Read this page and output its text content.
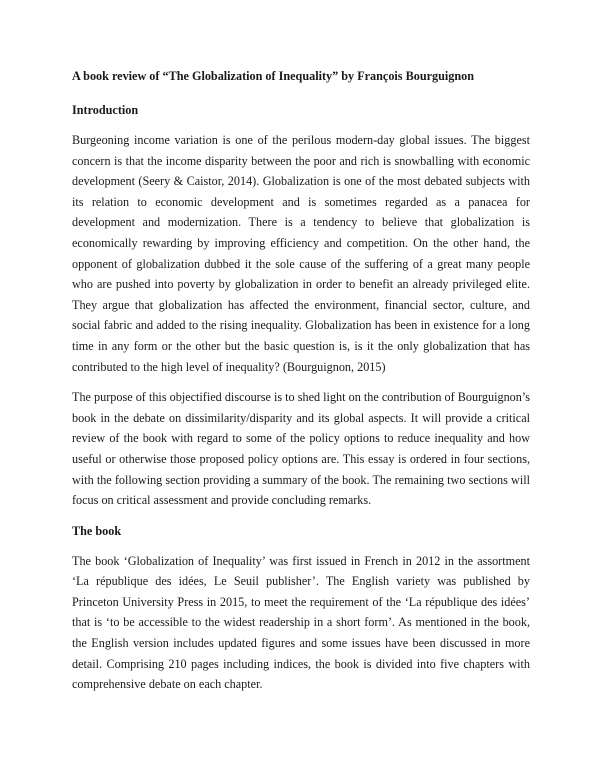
A book review of “The Globalization of Inequality” by François Bourguignon
Introduction

Burgeoning income variation is one of the perilous modern-day global issues. The biggest concern is that the income disparity between the poor and rich is snowballing with economic development (Seery & Caistor, 2014). Globalization is one of the most debated subjects with its relation to economic development and is sometimes regarded as a panacea for development and modernization. There is a tendency to believe that globalization is economically rewarding by improving efficiency and competition. On the other hand, the opponent of globalization dubbed it the sole cause of the suffering of a great many people who are pushed into poverty by globalization in order to benefit an already privileged elite. They argue that globalization has affected the environment, financial sector, culture, and social fabric and added to the rising inequality. Globalization has been in existence for a long time in any form or the other but the basic question is, is it the only globalization that has contributed to the high level of inequality? (Bourguignon, 2015)

The purpose of this objectified discourse is to shed light on the contribution of Bourguignon’s book in the debate on dissimilarity/disparity and its global aspects. It will provide a critical review of the book with regard to some of the policy options to reduce inequality and how useful or otherwise those proposed policy options are. This essay is ordered in four sections, with the following section providing a summary of the book. The remaining two sections will focus on critical assessment and provide concluding remarks.

The book

The book ‘Globalization of Inequality’ was first issued in French in 2012 in the assortment ‘La république des idées, Le Seuil publisher’. The English variety was published by Princeton University Press in 2015, to meet the requirement of the ‘La république des idées’ that is ‘to be accessible to the widest readership in a short form’. As mentioned in the book, the English version includes updated figures and some issues have been discussed in more detail. Comprising 210 pages including indices, the book is divided into five chapters with comprehensive debate on each chapter.
